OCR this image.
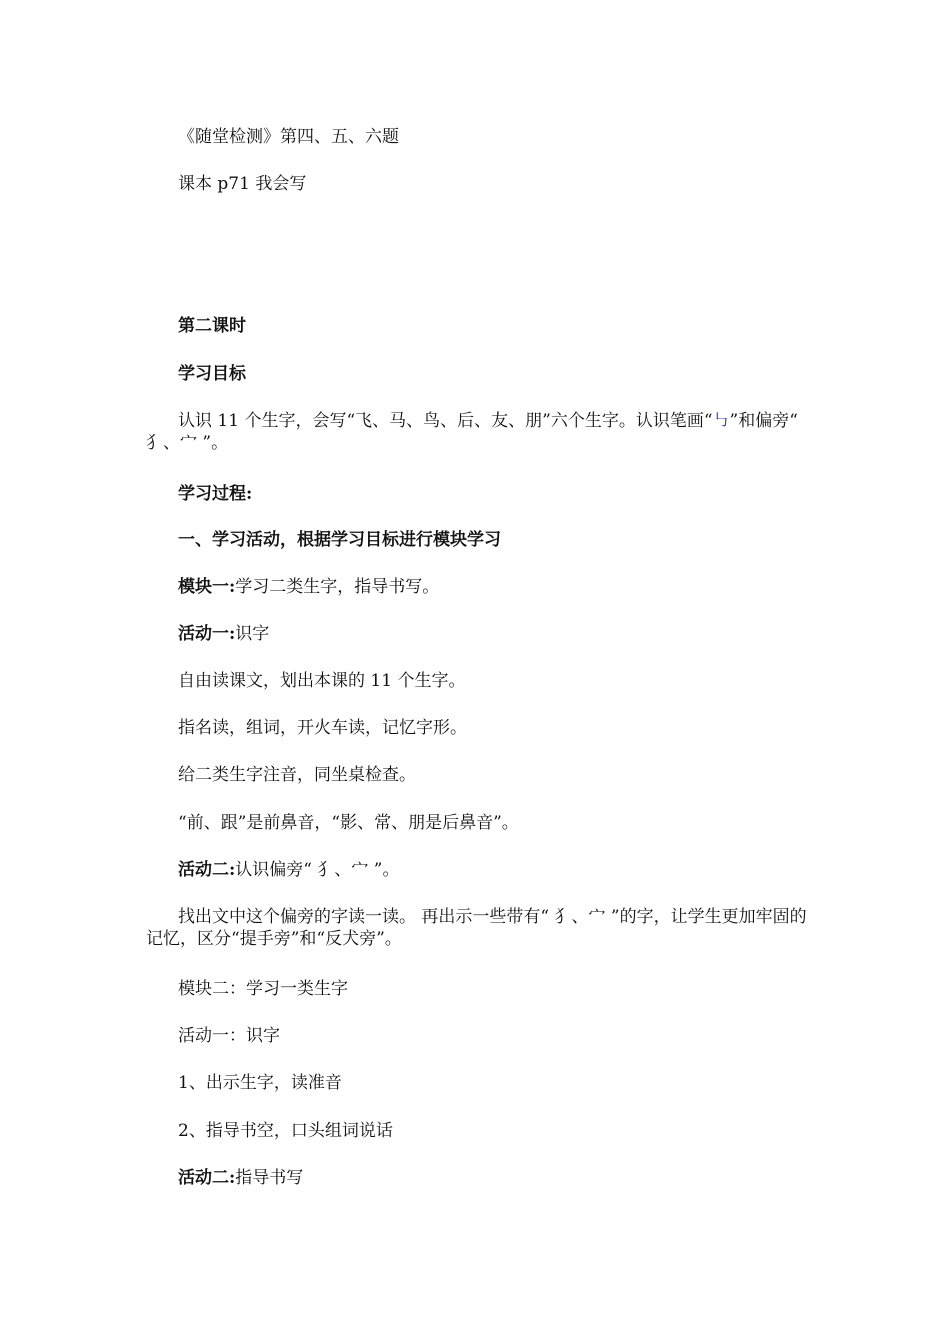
《随堂检测》第四、五、六题
课本 p71 我会写
第二课时
学习目标
认识 11 个生字，会写“飞、马、鸟、后、友、朋”六个生字。认识笔画“㇉”和偏旁“ 犭、宀 ”。
学习过程:
一、学习活动，根据学习目标进行模块学习
模块一:学习二类生字，指导书写。
活动一:识字
自由读课文，划出本课的 11 个生字。
指名读，组词，开火车读，记忆字形。
给二类生字注音，同坐桌检查。
“前、跟”是前鼻音，“影、常、朋是后鼻音”。
活动二:认识偏旁“ 犭、宀 ”。
找出文中这个偏旁的字读一读。 再出示一些带有“ 犭、宀 ”的字，让学生更加牢固的记忆，区分“提手旁”和“反犬旁”。
模块二：学习一类生字
活动一：识字
1、出示生字，读准音
2、指导书空，口头组词说话
活动二:指导书写
